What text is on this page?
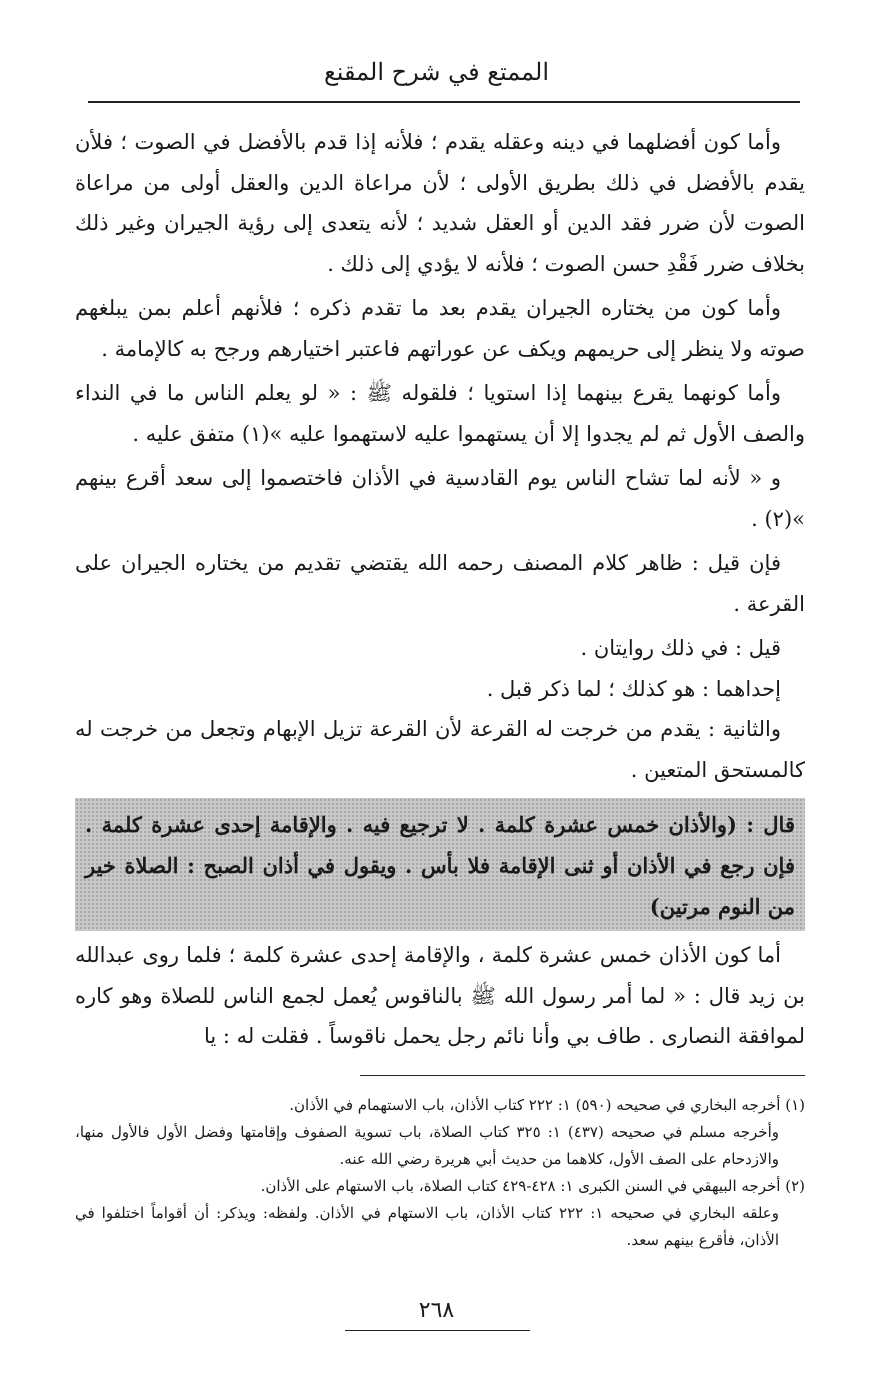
الممتع في شرح المقنع

وأما كون أفضلهما في دينه وعقله يقدم ؛ فلأنه إذا قدم بالأفضل في الصوت ؛ فلأن يقدم بالأفضل في ذلك بطريق الأولى ؛ لأن مراعاة الدين والعقل أولى من مراعاة الصوت لأن ضرر فقد الدين أو العقل شديد ؛ لأنه يتعدى إلى رؤية الجيران وغير ذلك بخلاف ضرر فَقْدِ حسن الصوت ؛ فلأنه لا يؤدي إلى ذلك .

وأما كون من يختاره الجيران يقدم بعد ما تقدم ذكره ؛ فلأنهم أعلم بمن يبلغهم صوته ولا ينظر إلى حريمهم ويكف عن عوراتهم فاعتبر اختيارهم ورجح به كالإمامة .

وأما كونهما يقرع بينهما إذا استويا ؛ فلقوله ﷺ : « لو يعلم الناس ما في النداء والصف الأول ثم لم يجدوا إلا أن يستهموا عليه لاستهموا عليه »(١) متفق عليه .

و « لأنه لما تشاح الناس يوم القادسية في الأذان فاختصموا إلى سعد أقرع بينهم »(٢) .

فإن قيل : ظاهر كلام المصنف رحمه الله يقتضي تقديم من يختاره الجيران على القرعة .

قيل : في ذلك روايتان .

إحداهما : هو كذلك ؛ لما ذكر قبل .

والثانية : يقدم من خرجت له القرعة لأن القرعة تزيل الإبهام وتجعل من خرجت له كالمستحق المتعين .

قال : (والأذان خمس عشرة كلمة . لا ترجيع فيه . والإقامة إحدى عشرة كلمة . فإن رجع في الأذان أو ثنى الإقامة فلا بأس . ويقول في أذان الصبح : الصلاة خير من النوم مرتين)

أما كون الأذان خمس عشرة كلمة ، والإقامة إحدى عشرة كلمة ؛ فلما روى عبدالله بن زيد قال : « لما أمر رسول الله ﷺ بالناقوس يُعمل لجمع الناس للصلاة وهو كاره لموافقة النصارى . طاف بي وأنا نائم رجل يحمل ناقوساً . فقلت له : يا

(١) أخرجه البخاري في صحيحه (٥٩٠) ١: ٢٢٢ كتاب الأذان، باب الاستهمام في الأذان.

وأخرجه مسلم في صحيحه (٤٣٧) ١: ٣٢٥ كتاب الصلاة، باب تسوية الصفوف وإقامتها وفضل الأول فالأول منها، والازدحام على الصف الأول، كلاهما من حديث أبي هريرة رضي الله عنه.

(٢) أخرجه البيهقي في السنن الكبرى ١: ٤٢٨-٤٢٩ كتاب الصلاة، باب الاستهام على الأذان.

وعلقه البخاري في صحيحه ١: ٢٢٢ كتاب الأذان، باب الاستهام في الأذان. ولفظه: ويذكر: أن أقواماً اختلفوا في الأذان، فأقرع بينهم سعد.

٢٦٨
